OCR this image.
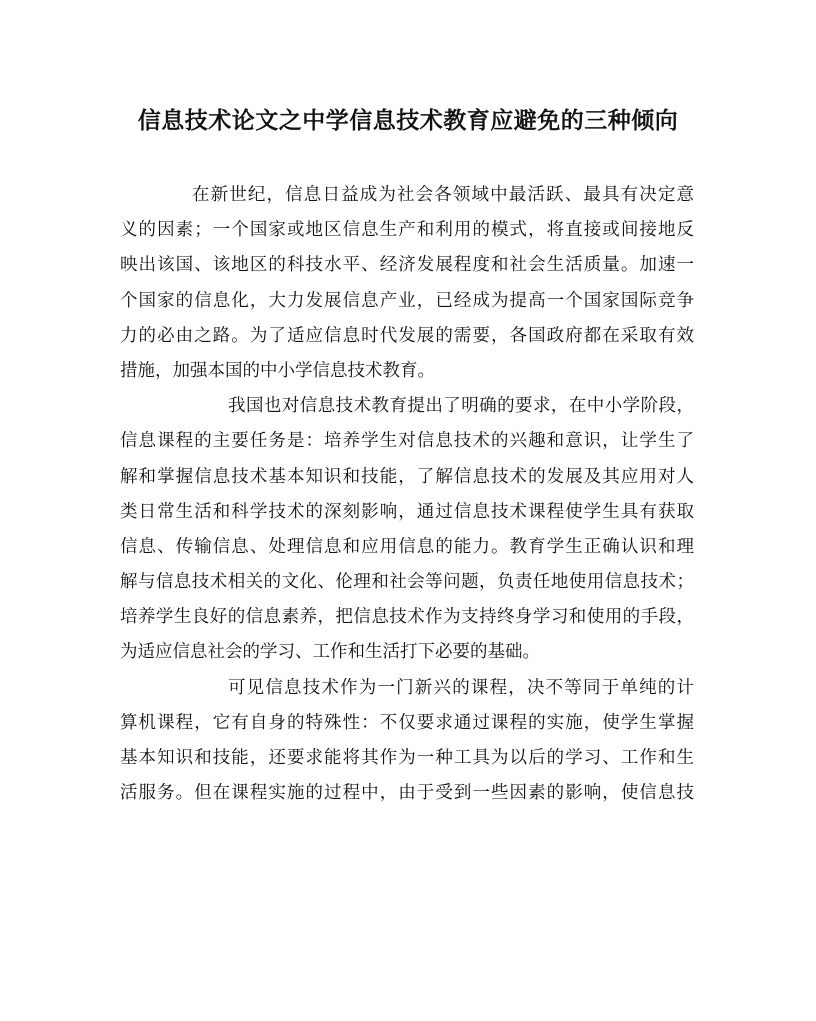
信息技术论文之中学信息技术教育应避免的三种倾向
在新世纪，信息日益成为社会各领域中最活跃、最具有决定意
义的因素；一个国家或地区信息生产和利用的模式，将直接或间接地反
映出该国、该地区的科技水平、经济发展程度和社会生活质量。加速一
个国家的信息化，大力发展信息产业，已经成为提高一个国家国际竞争
力的必由之路。为了适应信息时代发展的需要，各国政府都在采取有效
措施，加强本国的中小学信息技术教育。
我国也对信息技术教育提出了明确的要求，在中小学阶段，
信息课程的主要任务是：培养学生对信息技术的兴趣和意识，让学生了
解和掌握信息技术基本知识和技能，了解信息技术的发展及其应用对人
类日常生活和科学技术的深刻影响，通过信息技术课程使学生具有获取
信息、传输信息、处理信息和应用信息的能力。教育学生正确认识和理
解与信息技术相关的文化、伦理和社会等问题，负责任地使用信息技术；
培养学生良好的信息素养，把信息技术作为支持终身学习和使用的手段，
为适应信息社会的学习、工作和生活打下必要的基础。
可见信息技术作为一门新兴的课程，决不等同于单纯的计
算机课程，它有自身的特殊性：不仅要求通过课程的实施，使学生掌握
基本知识和技能，还要求能将其作为一种工具为以后的学习、工作和生
活服务。但在课程实施的过程中，由于受到一些因素的影响，使信息技
